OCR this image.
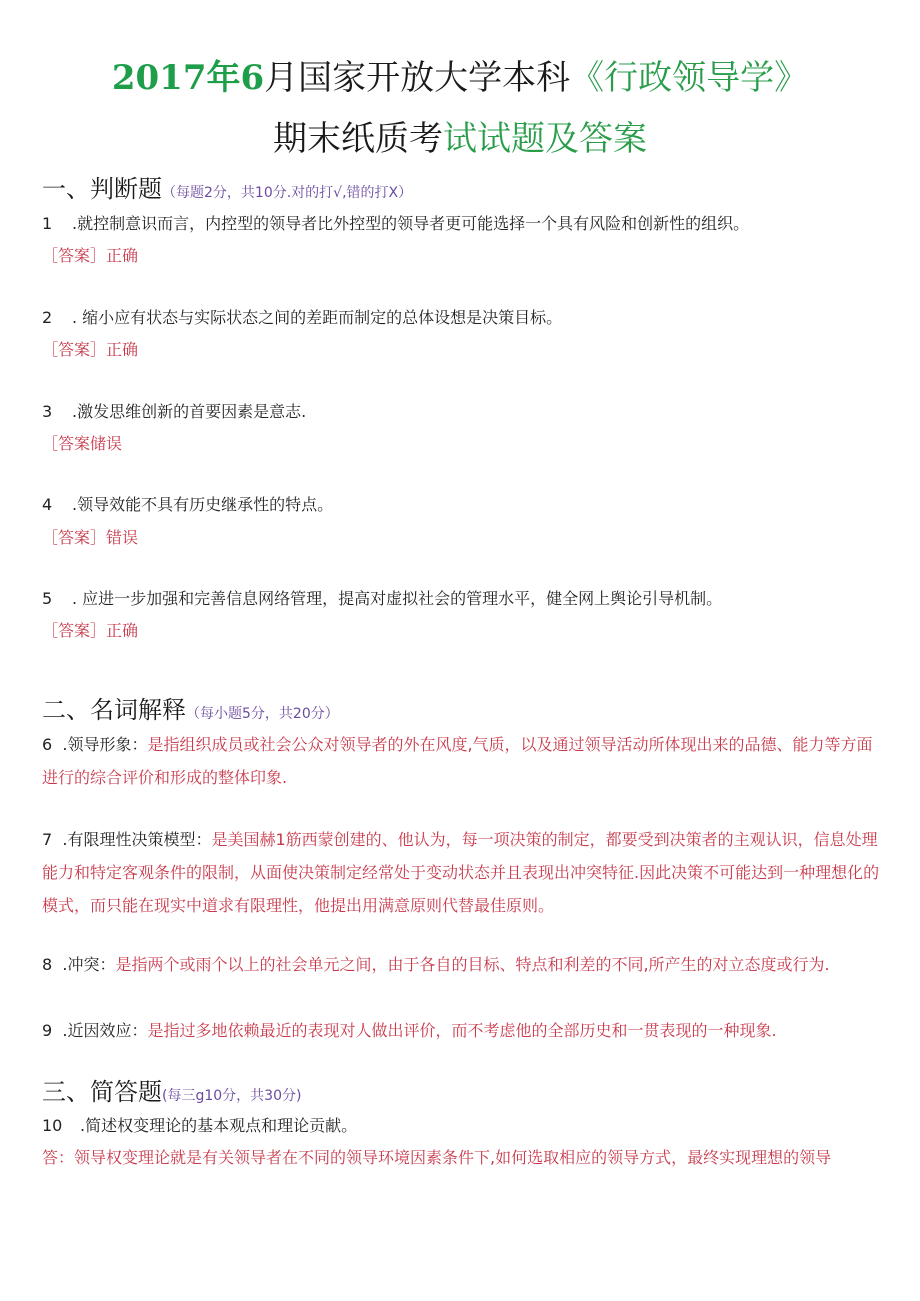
2017年6月国家开放大学本科《行政领导学》
期末纸质考试试题及答案
一、判断题（每题2分，共10分.对的打√,错的打X）
1 .就控制意识而言，内控型的领导者比外控型的领导者更可能选择一个具有风险和创新性的组织。
［答案］正确
2 . 缩小应有状态与实际状态之间的差距而制定的总体设想是决策目标。
［答案］正确
3 .激发思维创新的首要因素是意志.
［答案储误
4 .领导效能不具有历史继承性的特点。
［答案］错误
5 . 应进一步加强和完善信息网络管理，提高对虚拟社会的管理水平，健全网上舆论引导机制。
［答案］正确
二、名词解释（每小题5分，共20分）
6 .领导形象：是指组织成员或社会公众对领导者的外在风度,气质，以及通过领导活动所体现出来的品德、能力等方面进行的综合评价和形成的整体印象.
7 .有限理性决策模型：是美国赫1筋西蒙创建的、他认为，每一项决策的制定，都要受到决策者的主观认识，信息处理能力和特定客观条件的限制，从面使决策制定经常处于变动状态并且表现出冲突特征.因此决策不可能达到一种理想化的模式，而只能在现实中道求有限理性，他提出用满意原则代替最佳原则。
8 .冲突：是指两个或雨个以上的社会单元之间，由于各自的目标、特点和利差的不同,所产生的对立态度或行为.
9 .近因效应：是指过多地依赖最近的表现对人做出评价，而不考虑他的全部历史和一贯表现的一种现象.
三、简答题(每三g10分，共30分)
10 .简述权变理论的基本观点和理论贡献。
答：领导权变理论就是有关领导者在不同的领导环境因素条件下,如何选取相应的领导方式，最终实现理想的领导
